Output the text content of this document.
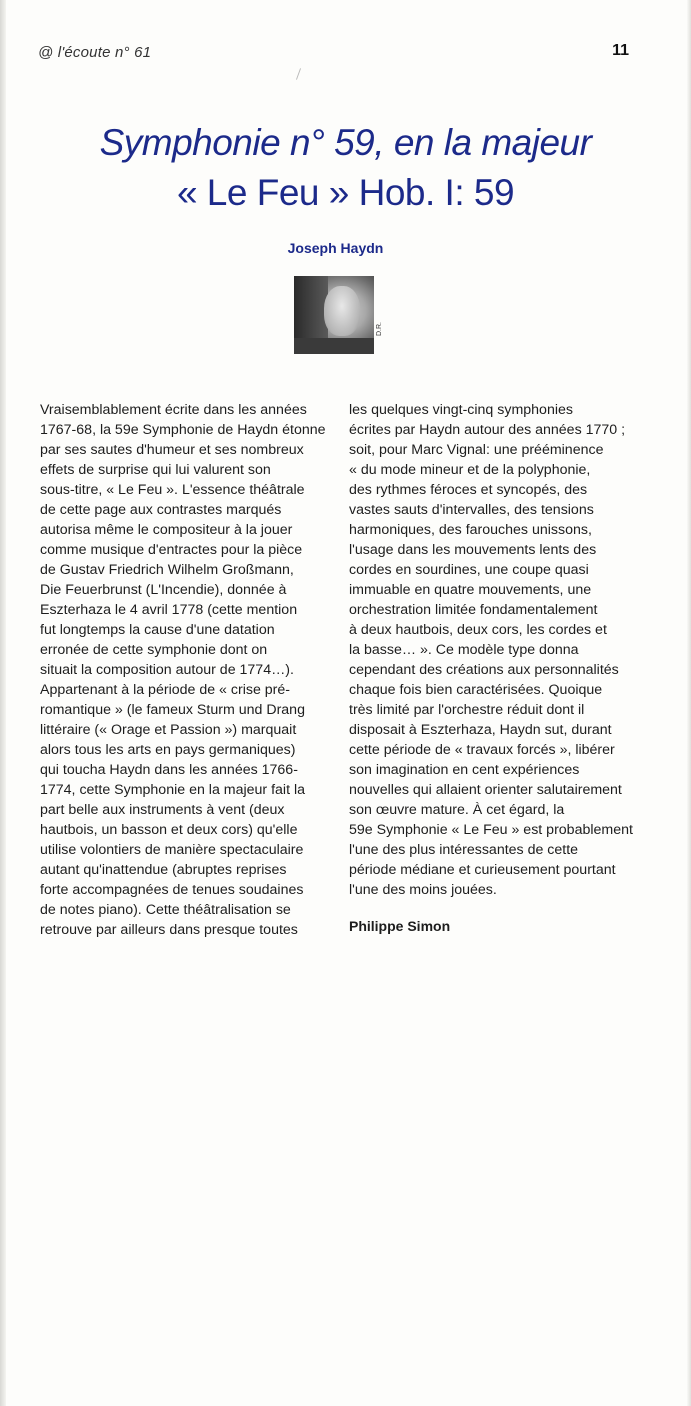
@ l'écoute n° 61	11
Symphonie n° 59, en la majeur
« Le Feu » Hob. I: 59
Joseph Haydn
D.R.
Vraisemblablement écrite dans les années
1767-68, la 59e Symphonie de Haydn étonne
par ses sautes d'humeur et ses nombreux
effets de surprise qui lui valurent son
sous-titre, « Le Feu ». L'essence théâtrale
de cette page aux contrastes marqués
autorisa même le compositeur à la jouer
comme musique d'entractes pour la pièce
de Gustav Friedrich Wilhelm Großmann,
Die Feuerbrunst (L'Incendie), donnée à
Eszterhaza le 4 avril 1778 (cette mention
fut longtemps la cause d'une datation
erronée de cette symphonie dont on
situait la composition autour de 1774…).
Appartenant à la période de « crise pré-
romantique » (le fameux Sturm und Drang
littéraire (« Orage et Passion ») marquait
alors tous les arts en pays germaniques)
qui toucha Haydn dans les années 1766-
1774, cette Symphonie en la majeur fait la
part belle aux instruments à vent (deux
hautbois, un basson et deux cors) qu'elle
utilise volontiers de manière spectaculaire
autant qu'inattendue (abruptes reprises
forte accompagnées de tenues soudaines
de notes piano). Cette théâtralisation se
retrouve par ailleurs dans presque toutes
les quelques vingt-cinq symphonies
écrites par Haydn autour des années 1770 ;
soit, pour Marc Vignal: une prééminence
« du mode mineur et de la polyphonie,
des rythmes féroces et syncopés, des
vastes sauts d'intervalles, des tensions
harmoniques, des farouches unissons,
l'usage dans les mouvements lents des
cordes en sourdines, une coupe quasi
immuable en quatre mouvements, une
orchestration limitée fondamentalement
à deux hautbois, deux cors, les cordes et
la basse… ». Ce modèle type donna
cependant des créations aux personnalités
chaque fois bien caractérisées. Quoique
très limité par l'orchestre réduit dont il
disposait à Eszterhaza, Haydn sut, durant
cette période de « travaux forcés », libérer
son imagination en cent expériences
nouvelles qui allaient orienter salutairement
son œuvre mature. À cet égard, la
59e Symphonie « Le Feu » est probablement
l'une des plus intéressantes de cette
période médiane et curieusement pourtant
l'une des moins jouées.
Philippe Simon
